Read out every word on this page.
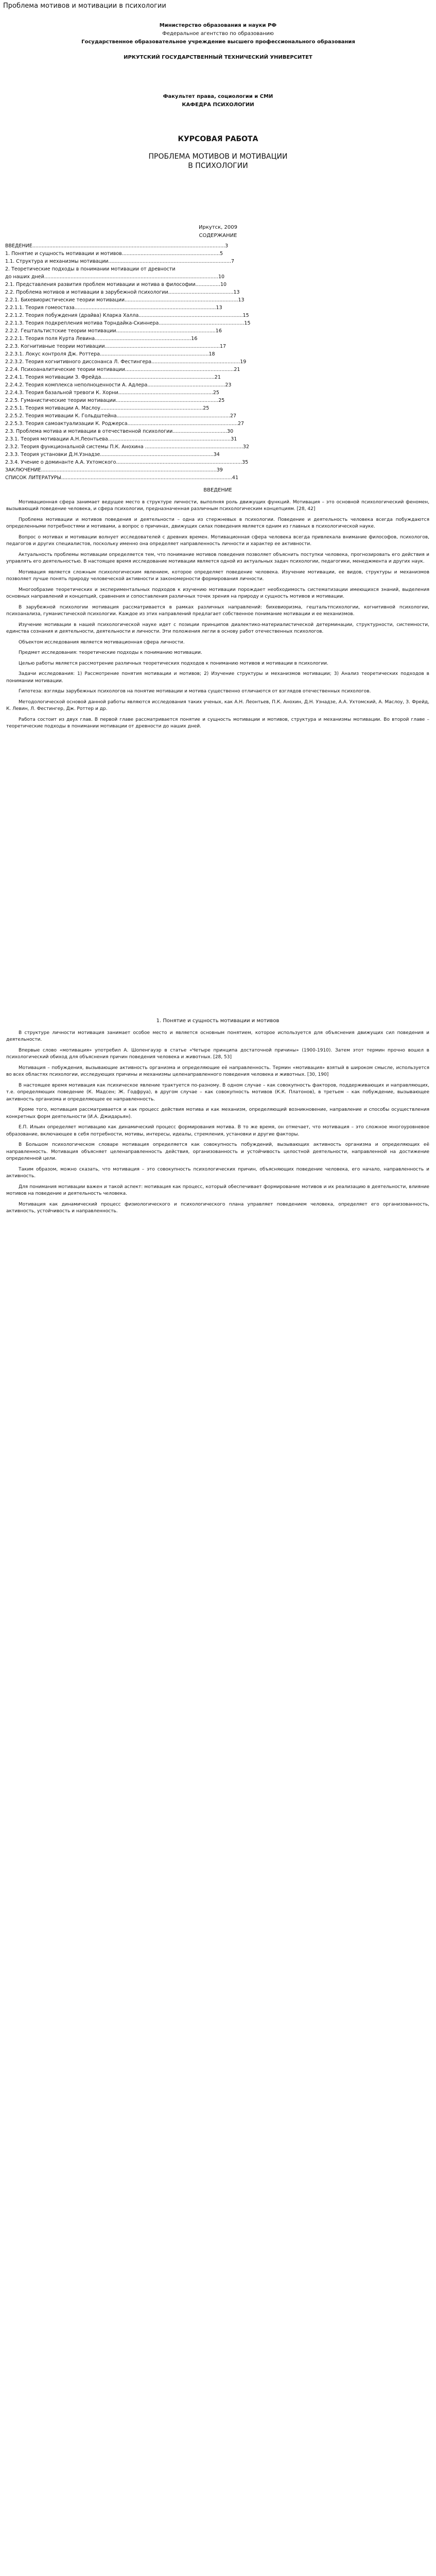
Проблема мотивов и мотивации в психологии
Министерство образования и науки РФ
Федеральное агентство по образованию
Государственное образовательное учреждение высшего профессионального образования
ИРКУТСКИЙ ГОСУДАРСТВЕННЫЙ ТЕХНИЧЕСКИЙ УНИВЕРСИТЕТ
Факультет права, социологии и СМИ
КАФЕДРА ПСИХОЛОГИИ
КУРСОВАЯ РАБОТА
ПРОБЛЕМА МОТИВОВ И МОТИВАЦИИ
В ПСИХОЛОГИИ
Иркутск, 2009
СОДЕРЖАНИЕ
ВВЕДЕНИЕ............................................................................................................................3
1. Понятие и сущность мотивации и мотивов...............................................................5
1.1. Структура и механизмы мотивации...............................................................................7
2. Теоретические подходы в понимании мотивации от древности
до наших дней................................................................................................................10
2.1. Представления развития проблем мотивации и мотива в философии................10
2.2. Проблема мотивов и мотивации в зарубежной психологии..........................................13
2.2.1. Бихевиористические теории мотивации.........................................................................13
2.2.1.1. Теория гомеостаза...........................................................................................13
2.2.1.2. Теория побуждения (драйва) Кларка Халла...................................................................15
2.2.1.3. Теория подкрепления мотива Торндайка-Скиннера.......................................................15
2.2.2. Гештальтистские теории мотивации................................................................16
2.2.2.1. Теория поля Курта Левина..............................................................16
2.2.3. Когнитивные теории мотивации..........................................................................17
2.2.3.1. Локус контроля Дж. Роттера......................................................................18
2.2.3.2. Теория когнитивного диссонанса Л. Фестингера.........................................................19
2.2.4. Психоаналитические теории мотивации......................................................................21
2.2.4.1. Теория мотивации З. Фрейда.........................................................................21
2.2.4.2. Теория комплекса неполноценности А. Адлера..................................................23
2.2.4.3. Теория базальной тревоги К. Хорни.............................................................25
2.2.5. Гуманистические теории мотивации..................................................................25
2.2.5.1. Теория мотивации А. Маслоу..................................................................25
2.2.5.2. Теория мотивации К. Гольдштейна.........................................................................27
2.2.5.3. Теория самоактуализации К. Роджерса.......................................................................27
2.3. Проблема мотива и мотивации в отечественной психологии...................................30
2.3.1. Теория мотивации А.Н.Леонтьева...............................................................................31
2.3.2. Теория функциональной системы П.К. Анохина ...............................................................32
2.3.3. Теория установки Д.Н.Узнадзе.........................................................................34
2.3.4. Учение о доминанте А.А. Ухтомского.................................................................................35
ЗАКЛЮЧЕНИЕ.................................................................................................................39
СПИСОК ЛИТЕРАТУРЫ..............................................................................................................41
ВВЕДЕНИЕ

Мотивационная сфера занимает ведущее место в структуре личности, выполняя роль движущих функций. Мотивация – это основной психологический феномен, вызывающий поведение человека, и сфера психологии, предназначенная различным психологическим концепциям. [28, 42]

Проблема мотивации и мотивов поведения и деятельности – одна из стержневых в психологии. Поведение и деятельность человека всегда побуждаются определенными потребностями и мотивами, а вопрос о причинах, движущих силах поведения является одним из главных в психологической науке.

Вопрос о мотивах и мотивации волнует исследователей с древних времен. Мотивационная сфера человека всегда привлекала внимание философов, психологов, педагогов и других специалистов, поскольку именно она определяет направленность личности и характер ее активности.

Актуальность проблемы мотивации определяется тем, что понимание мотивов поведения позволяет объяснить поступки человека, прогнозировать его действия и управлять его деятельностью. В настоящее время исследование мотивации является одной из актуальных задач психологии, педагогики, менеджмента и других наук.

Мотивация является сложным психологическим явлением, которое определяет поведение человека. Изучение мотивации, ее видов, структуры и механизмов позволяет лучше понять природу человеческой активности и закономерности формирования личности.

Многообразие теоретических и экспериментальных подходов к изучению мотивации порождает необходимость систематизации имеющихся знаний, выделения основных направлений и концепций, сравнения и сопоставления различных точек зрения на природу и сущность мотивов и мотивации.

В зарубежной психологии мотивация рассматривается в рамках различных направлений: бихевиоризма, гештальтпсихологии, когнитивной психологии, психоанализа, гуманистической психологии. Каждое из этих направлений предлагает собственное понимание мотивации и ее механизмов.

Изучение мотивации в нашей психологической науке идет с позиции принципов диалектико-материалистической детерминации, структурности, системности, единства сознания и деятельности, деятельности и личности. Эти положения легли в основу работ отечественных психологов.

Объектом исследования является мотивационная сфера личности.

Предмет исследования: теоретические подходы к пониманию мотивации.

Целью работы является рассмотрение различных теоретических подходов к пониманию мотивов и мотивации в психологии.

Задачи исследования: 1) Рассмотрение понятия мотивации и мотивов; 2) Изучение структуры и механизмов мотивации; 3) Анализ теоретических подходов в понимании мотивации.

Гипотеза: взгляды зарубежных психологов на понятие мотивации и мотива существенно отличаются от взглядов отечественных психологов.

Методологической основой данной работы являются исследования таких ученых, как А.Н. Леонтьев, П.К. Анохин, Д.Н. Узнадзе, А.А. Ухтомский, А. Маслоу, З. Фрейд, К. Левин, Л. Фестингер, Дж. Роттер и др.

Работа состоит из двух глав. В первой главе рассматривается понятие и сущность мотивации и мотивов, структура и механизмы мотивации. Во второй главе – теоретические подходы в понимании мотивации от древности до наших дней.

1. Понятие и сущность мотивации и мотивов

В структуре личности мотивация занимает особое место и является основным понятием, которое используется для объяснения движущих сил поведения и деятельности.

Впервые слово «мотивация» употребил А. Шопенгауэр в статье «Четыре принципа достаточной причины» (1900-1910). Затем этот термин прочно вошел в психологический обиход для объяснения причин поведения человека и животных. [28, 53]

Мотивация – побуждения, вызывающие активность организма и определяющие её направленность. Термин «мотивация» взятый в широком смысле, используется во всех областях психологии, исследующих причины и механизмы целенаправленного поведения человека и животных. [30, 190]

В настоящее время мотивация как психическое явление трактуется по-разному. В одном случае – как совокупность факторов, поддерживающих и направляющих, т.е. определяющих поведение (К. Мадсен; Ж. Годфруа), в другом случае – как совокупность мотивов (К.К. Платонов), в третьем – как побуждение, вызывающее активность организма и определяющее ее направленность.

Кроме того, мотивация рассматривается и как процесс действия мотива и как механизм, определяющий возникновение, направление и способы осуществления конкретных форм деятельности (И.А. Джидарьян).

Е.П. Ильин определяет мотивацию как динамический процесс формирования мотива. В то же время, он отмечает, что мотивация – это сложное многоуровневое образование, включающее в себя потребности, мотивы, интересы, идеалы, стремления, установки и другие факторы.

В Большом психологическом словаре мотивация определяется как совокупность побуждений, вызывающих активность организма и определяющих её направленность. Мотивация объясняет целенаправленность действия, организованность и устойчивость целостной деятельности, направленной на достижение определенной цели.

Таким образом, можно сказать, что мотивация – это совокупность психологических причин, объясняющих поведение человека, его начало, направленность и активность.

Для понимания мотивации важен и такой аспект: мотивация как процесс, который обеспечивает формирование мотивов и их реализацию в деятельности, влияние мотивов на поведение и деятельность человека.

Мотивация как динамический процесс физиологического и психологического плана управляет поведением человека, определяет его организованность, активность, устойчивость и направленность.
